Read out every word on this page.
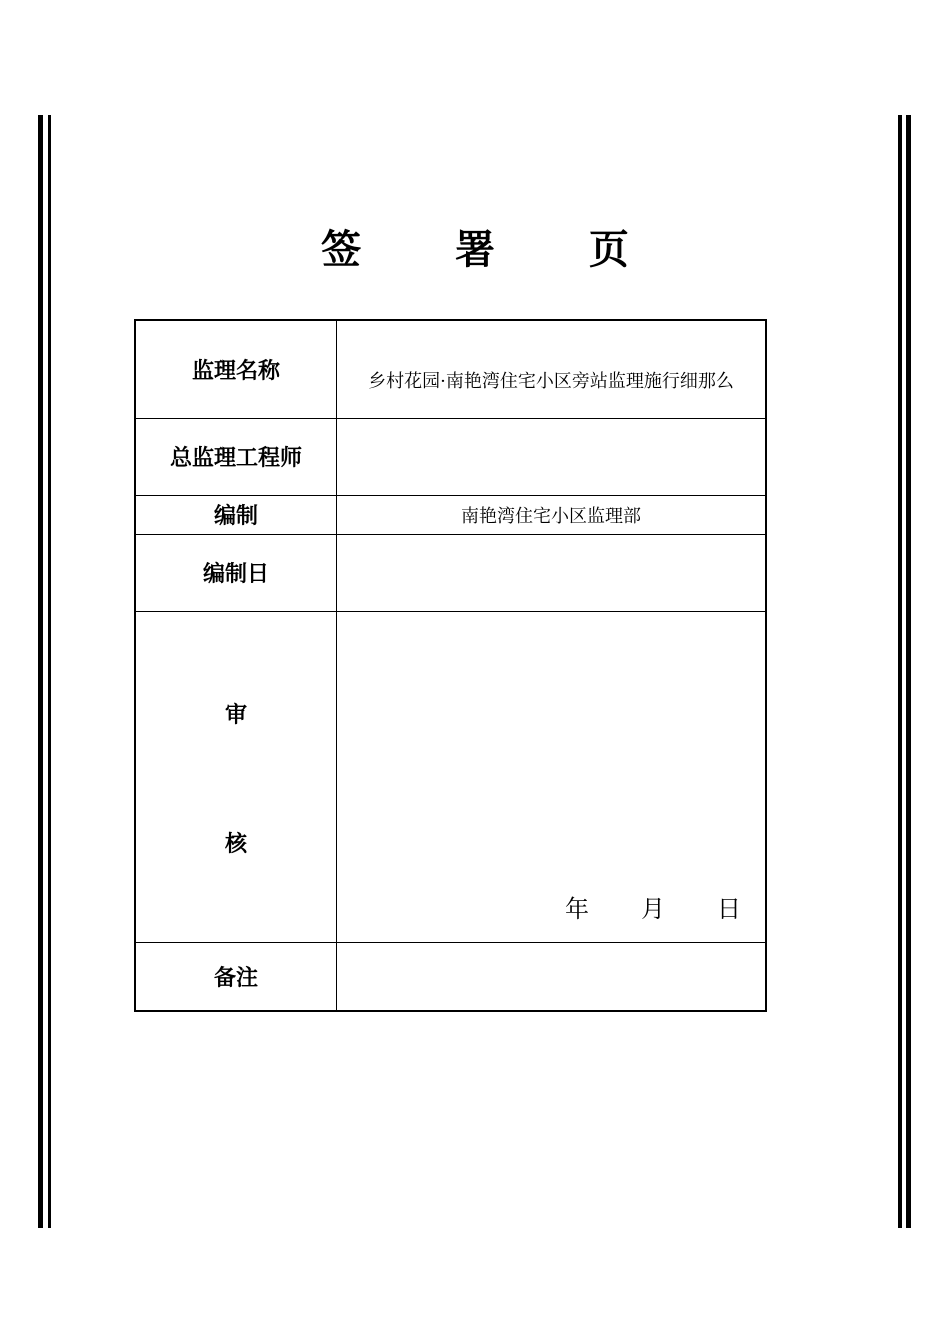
签 署 页
监理名称	乡村花园·南艳湾住宅小区旁站监理施行细那么
总监理工程师	
编制	南艳湾住宅小区监理部
编制日	

审
核	年 月 日

备注	
